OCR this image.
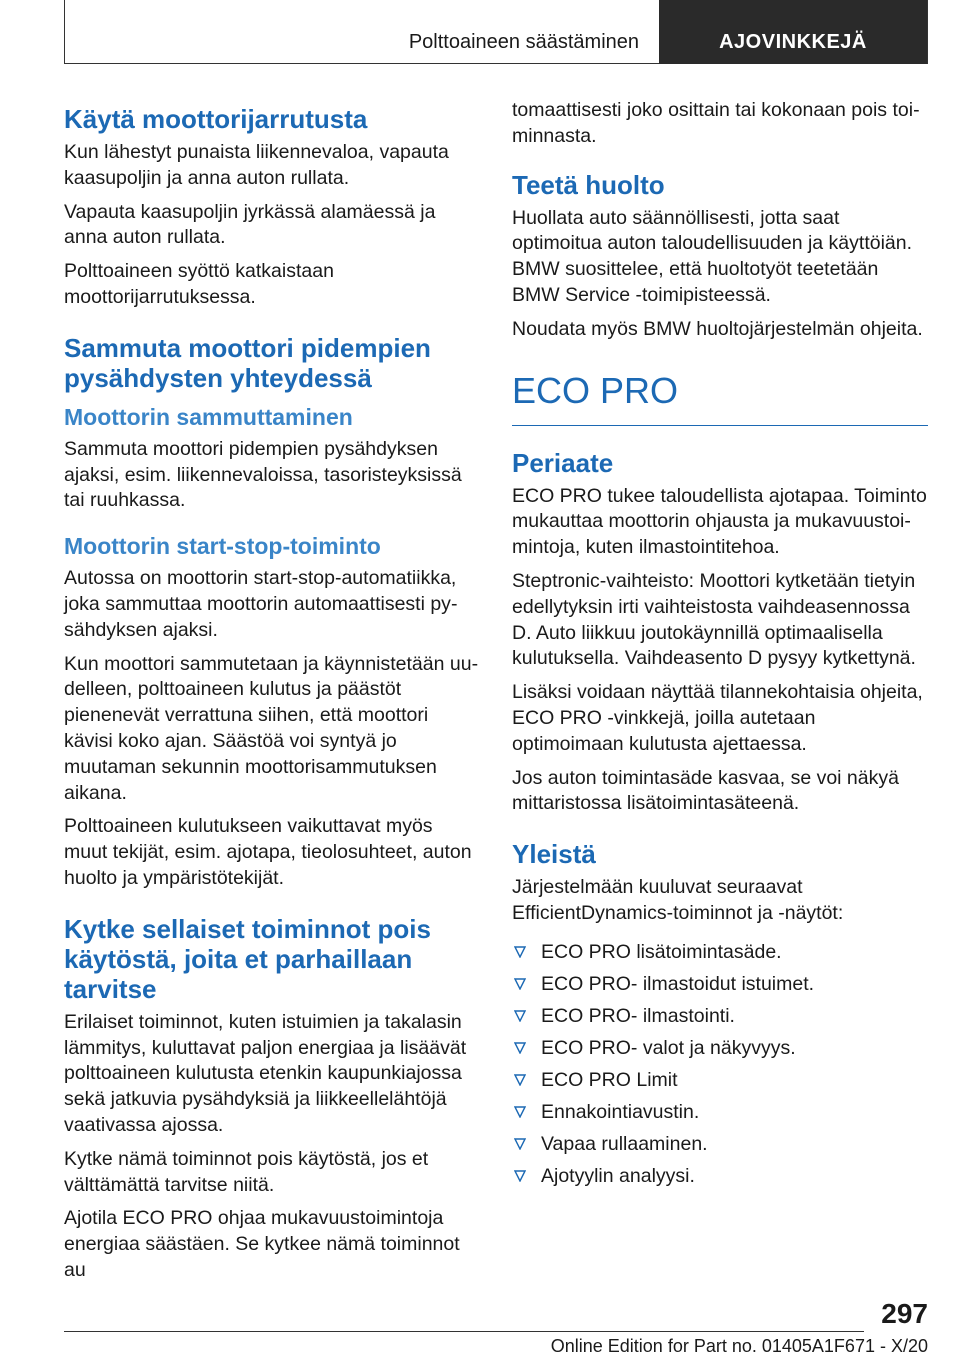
Polttoaineen säästäminen	AJOVINKKEJÄ
Käytä moottorijarrutusta

Kun lähestyt punaista liikennevaloa, vapauta kaasupoljin ja anna auton rullata.

Vapauta kaasupoljin jyrkässä alamäessä ja anna auton rullata.

Polttoaineen syöttö katkaistaan moottorijarrutuksessa.

Sammuta moottori pidempien pysähdysten yhteydessä
Moottorin sammuttaminen

Sammuta moottori pidempien pysähdyksen ajaksi, esim. liikennevaloissa, tasoristeyksissä tai ruuhkassa.

Moottorin start-stop-toiminto

Autossa on moottorin start-stop-automatiikka, joka sammuttaa moottorin automaattisesti pysähdyksen ajaksi.

Kun moottori sammutetaan ja käynnistetään uudelleen, polttoaineen kulutus ja päästöt pienenevät verrattuna siihen, että moottori kävisi koko ajan. Säästöä voi syntyä jo muutaman sekunnin moottorisammutuksen aikana.

Polttoaineen kulutukseen vaikuttavat myös muut tekijät, esim. ajotapa, tieolosuhteet, auton huolto ja ympäristötekijät.

Kytke sellaiset toiminnot pois käytöstä, joita et parhaillaan tarvitse

Erilaiset toiminnot, kuten istuimien ja takalasin lämmitys, kuluttavat paljon energiaa ja lisäävät polttoaineen kulutusta etenkin kaupunkiajossa sekä jatkuvia pysähdyksiä ja liikkeellelähtöjä vaativassa ajossa.

Kytke nämä toiminnot pois käytöstä, jos et välttämättä tarvitse niitä.

Ajotila ECO PRO ohjaa mukavuustoimintoja energiaa säästäen. Se kytkee nämä toiminnot au

tomaattisesti joko osittain tai kokonaan pois toiminnasta.

Teetä huolto

Huollata auto säännöllisesti, jotta saat optimoitua auton taloudellisuuden ja käyttöiän. BMW suosittelee, että huoltotyöt teetetään BMW Service -toimipisteessä.

Noudata myös BMW huoltojärjestelmän ohjeita.

ECO PRO
Periaate

ECO PRO tukee taloudellista ajotapaa. Toiminto mukauttaa moottorin ohjausta ja mukavuustoimintoja, kuten ilmastointitehoa.

Steptronic-vaihteisto: Moottori kytketään tietyin edellytyksin irti vaihteistosta vaihdeasennossa D. Auto liikkuu joutokäynnillä optimaalisella kulutuksella. Vaihdeasento D pysyy kytkettynä.

Lisäksi voidaan näyttää tilannekohtaisia ohjeita, ECO PRO -vinkkejä, joilla autetaan optimoimaan kulutusta ajettaessa.

Jos auton toimintasäde kasvaa, se voi näkyä mittaristossa lisätoimintasäteenä.

Yleistä

Järjestelmään kuuluvat seuraavat EfficientDynamics-toiminnot ja -näytöt:

ECO PRO lisätoimintasäde.
ECO PRO- ilmastoidut istuimet.
ECO PRO- ilmastointi.
ECO PRO- valot ja näkyvyys.
ECO PRO Limit
Ennakointiavustin.
Vapaa rullaaminen.
Ajotyylin analyysi.
297
Online Edition for Part no. 01405A1F671 - X/20
